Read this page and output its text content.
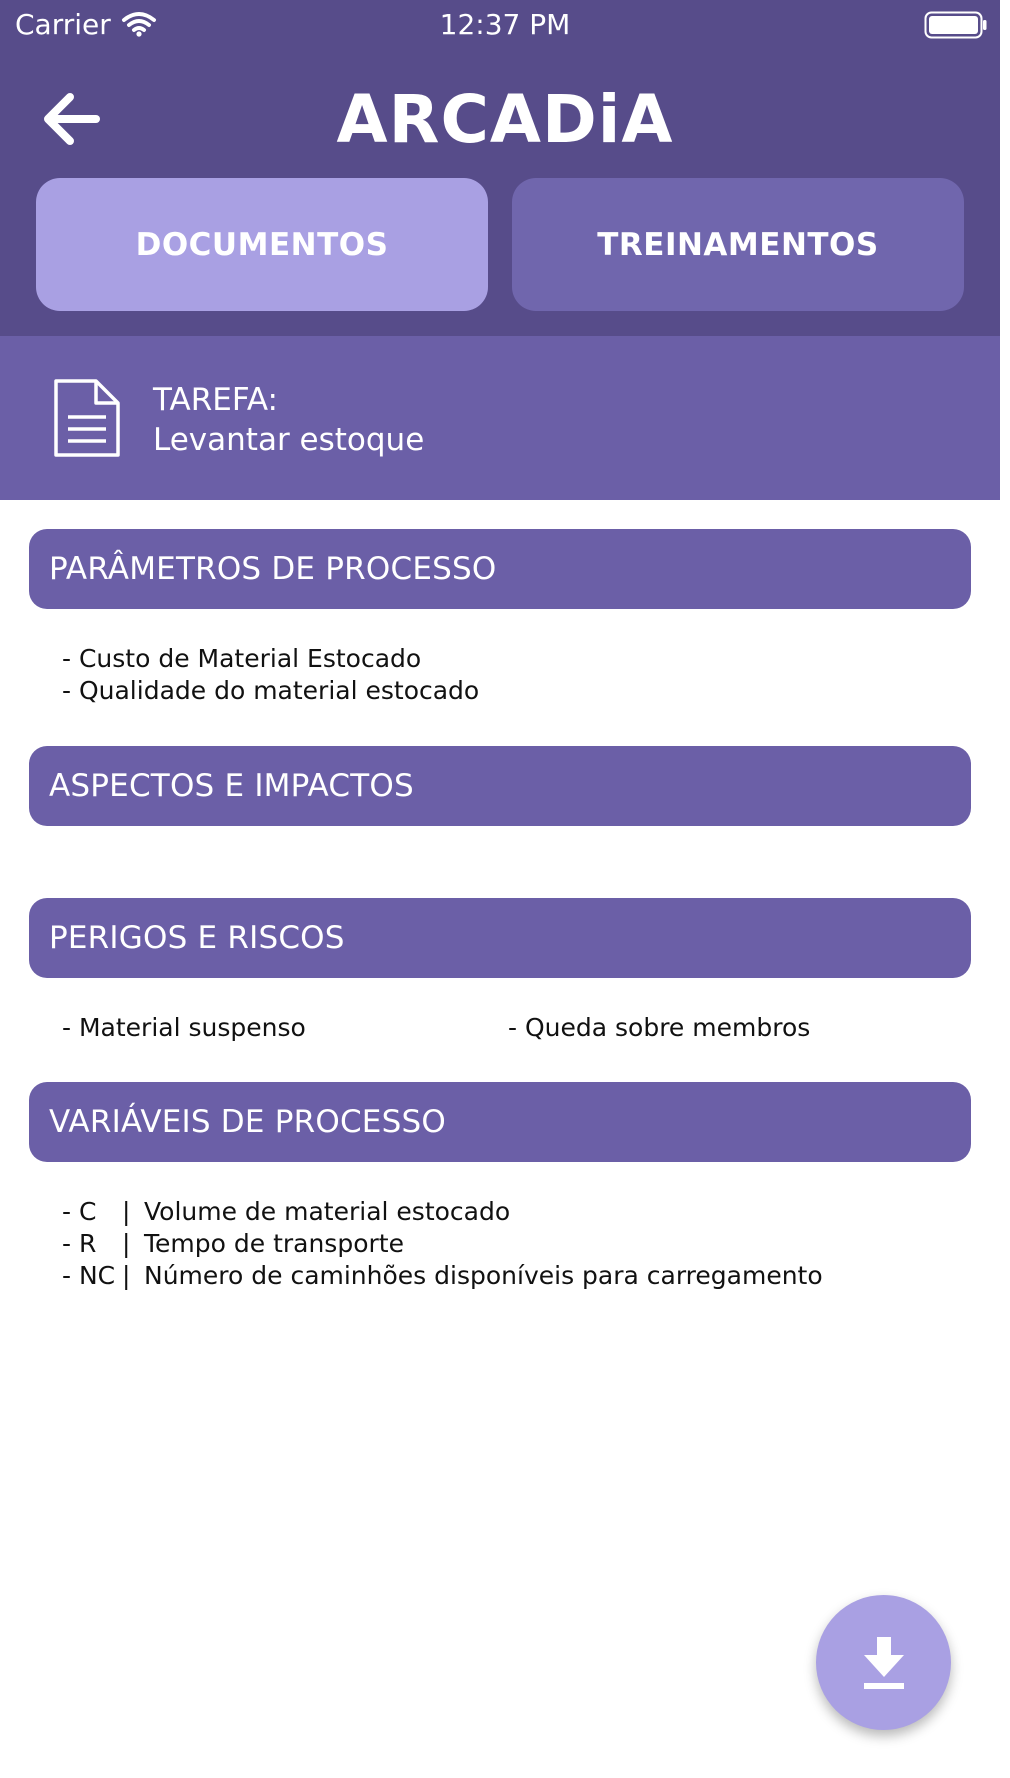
Carrier	12:37 PM
ARCADiA
DOCUMENTOS	TREINAMENTOS
TAREFA:
Levantar estoque
PARÂMETROS DE PROCESSO
- Custo de Material Estocado
- Qualidade do material estocado
ASPECTOS E IMPACTOS
PERIGOS E RISCOS
- Material suspenso	- Queda sobre membros
VARIÁVEIS DE PROCESSO
- C | Volume de material estocado
- R | Tempo de transporte
- NC | Número de caminhões disponíveis para carregamento
